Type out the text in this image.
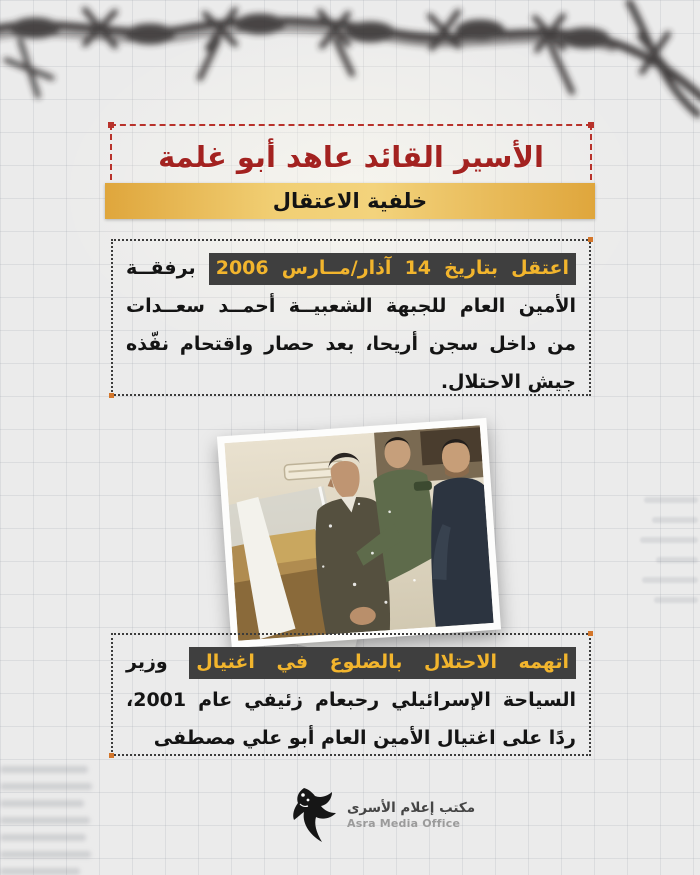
الأسير القائد عاهد أبو غلمة
خلفية الاعتقال
اعتقل بتاريخ 14 آذار/مــارس 2006 برفقــة الأمين العام للجبهة الشعبيــة أحمــد سعــدات من داخل سجن أريحا، بعد حصار واقتحام نفّذه جيش الاحتلال.
اتهمه الاحتلال بالضلوع في اغتيال وزير السياحة الإسرائيلي رحبعام زئيفي عام 2001، ردًا على اغتيال الأمين العام أبو علي مصطفى
مكتب إعلام الأسرى
Asra Media Office
